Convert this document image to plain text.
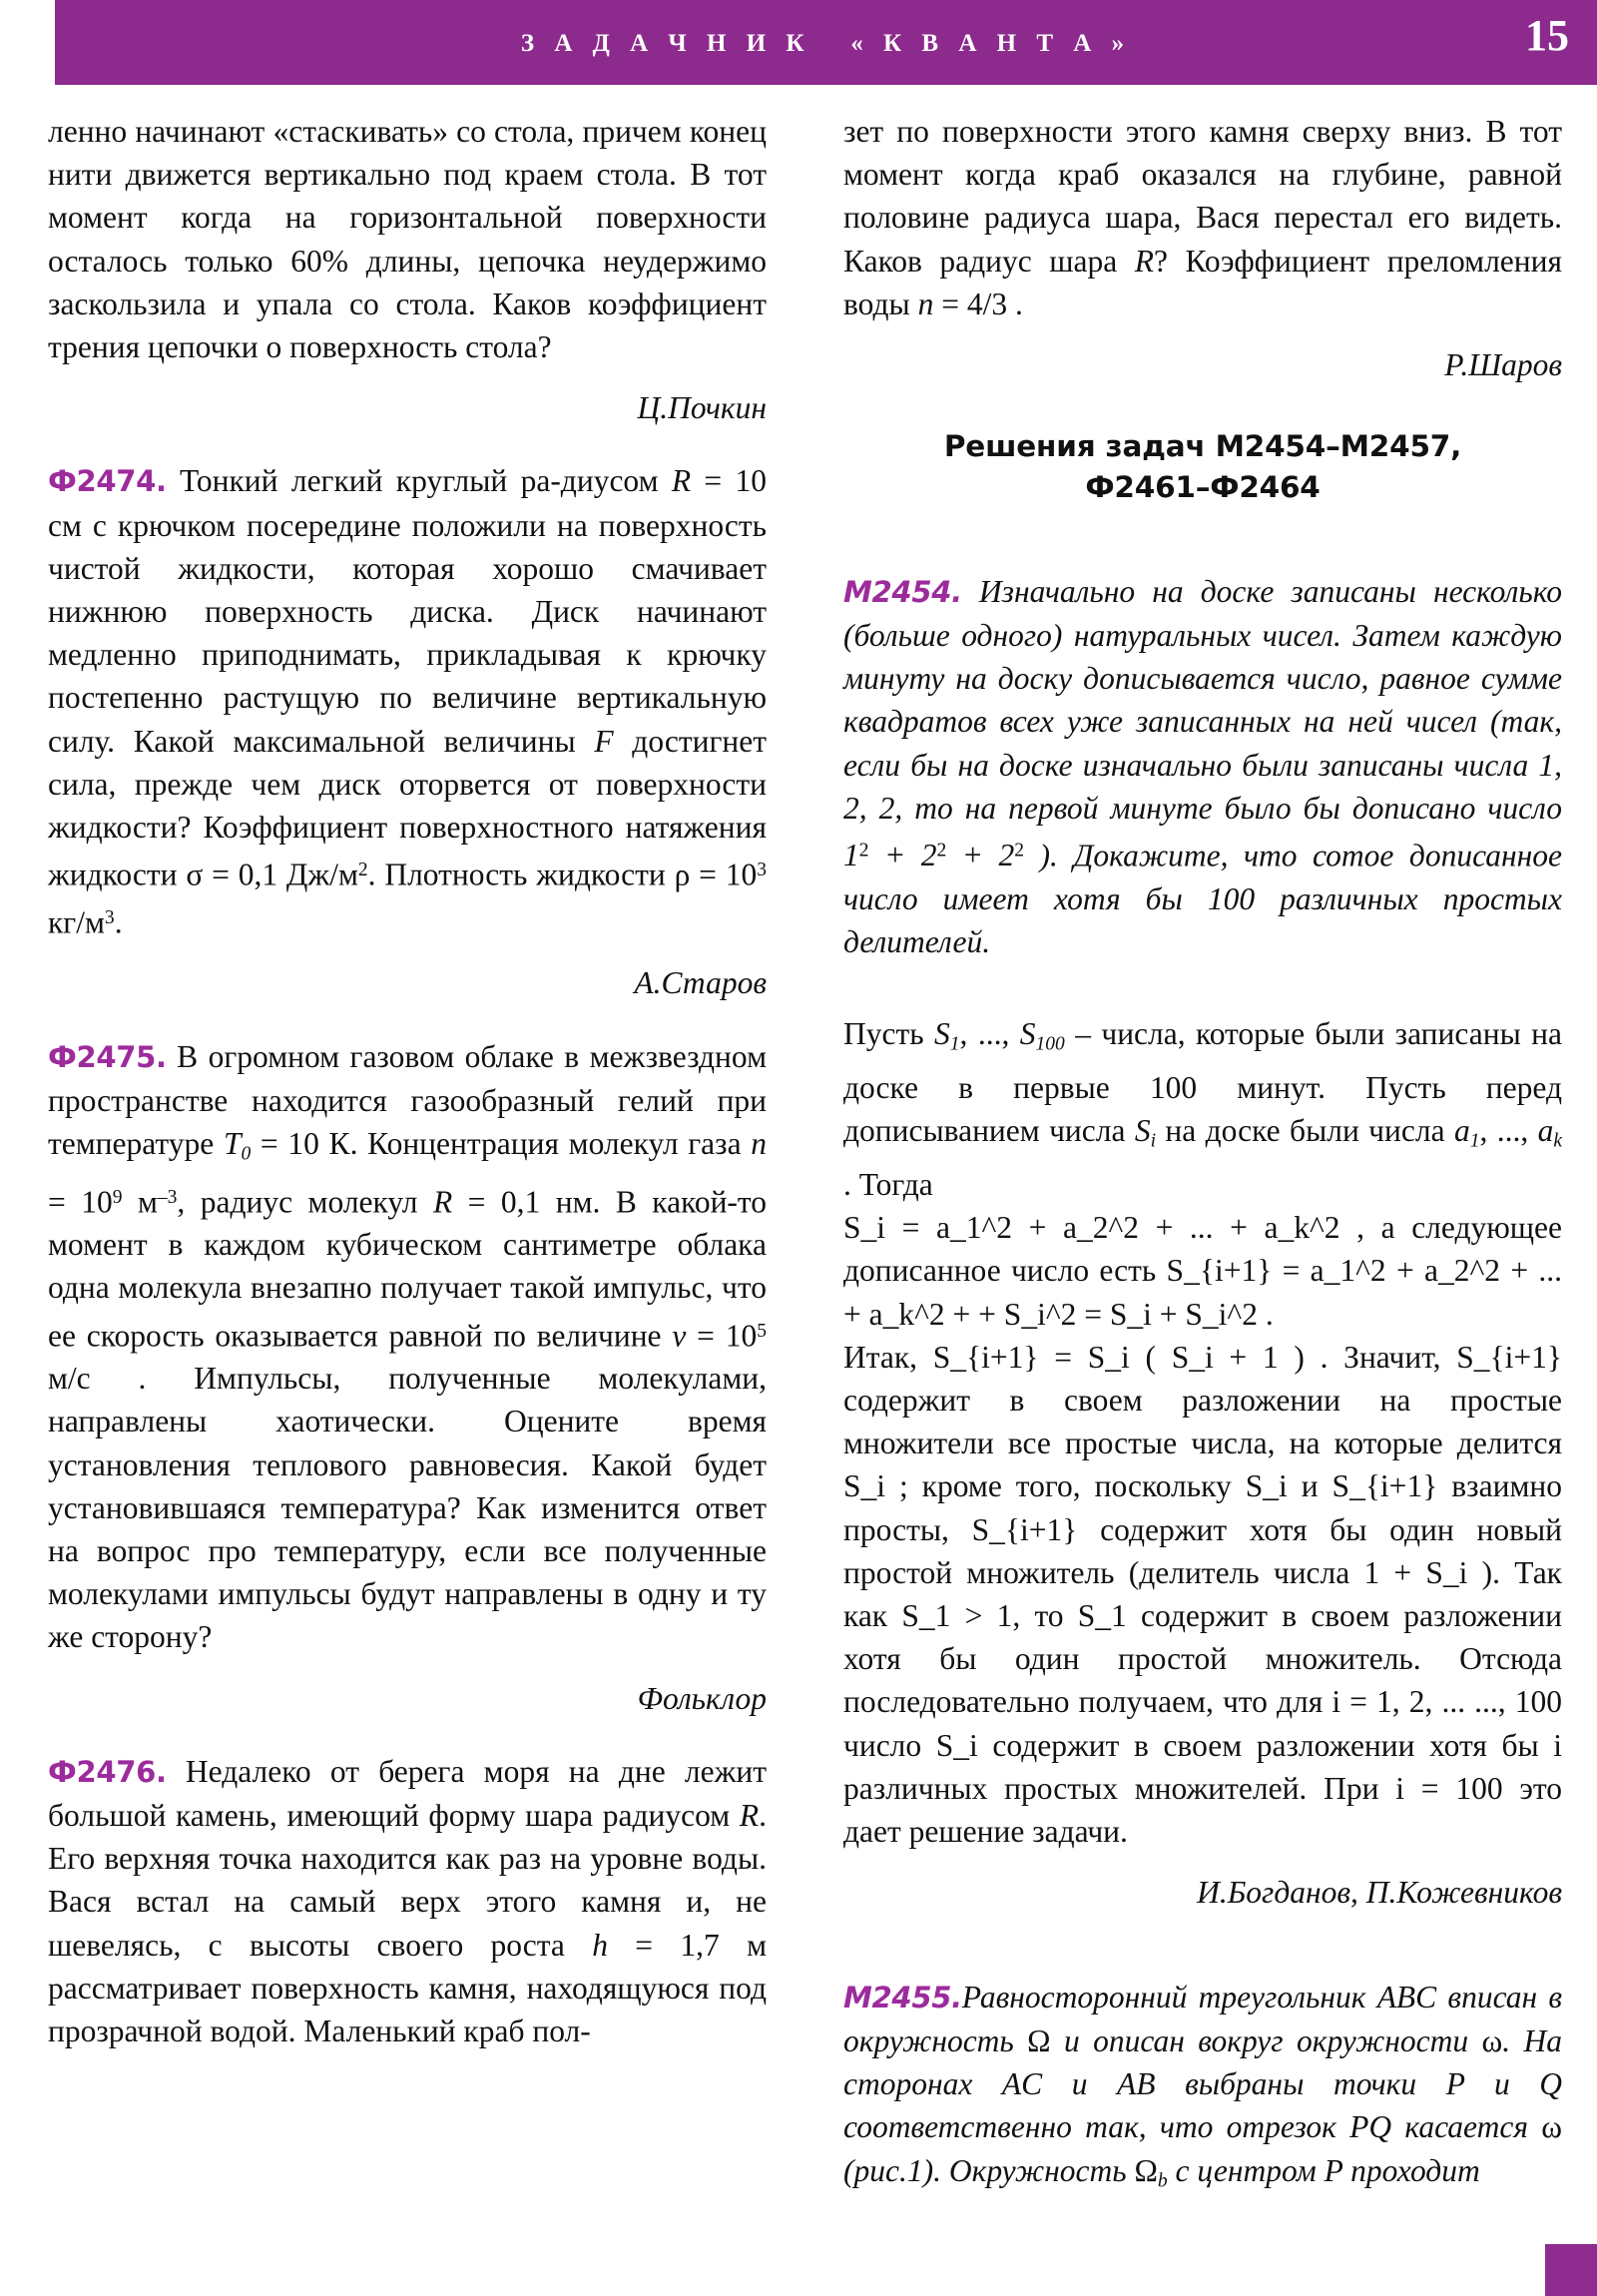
З А Д А Ч Н И К   « К В А Н Т А »	15

ленно начинают «стаскивать» со стола, причем конец нити движется вертикально под краем стола. В тот момент когда на горизонтальной поверхности осталось только 60% длины, цепочка неудержимо заскользила и упала со стола. Каков коэффициент трения цепочки о поверхность стола?

Ц.Почкин

Ф2474. Тонкий легкий круглый ра-диусом R = 10 см с крючком посередине положили на поверхность чистой жидкости, которая хорошо смачивает нижнюю поверхность диска. Диск начинают медленно приподнимать, прикладывая к крючку постепенно растущую по величине вертикальную силу. Какой максимальной величины F достигнет сила, прежде чем диск оторвется от поверхности жидкости? Коэффициент поверхностного натяжения жидкости σ = 0,1 $Дж/м^2$. Плотность жидкости $\rho = 10^3$ $кг/м^3$.

А.Старов

Ф2475. В огромном газовом облаке в межзвездном пространстве находится газообразный гелий при температуре $T_0 = 10$ К. Концентрация молекул газа $n = 10^9$ $м^{-3}$, радиус молекул R = 0,1 нм. В какой-то момент в каждом кубическом сантиметре облака одна молекула внезапно получает такой импульс, что ее скорость оказывается равной по величине $v = 10^5$ м/с . Импульсы, полученные молекулами, направлены хаотически. Оцените время установления теплового равновесия. Какой будет установившаяся температура? Как изменится ответ на вопрос про температуру, если все полученные молекулами импульсы будут направлены в одну и ту же сторону?

Фольклор

Ф2476. Недалеко от берега моря на дне лежит большой камень, имеющий форму шара радиусом R. Его верхняя точка находится как раз на уровне воды. Вася встал на самый верх этого камня и, не шевелясь, с высоты своего роста h = 1,7 м рассматривает поверхность камня, находящуюся под прозрачной водой. Маленький краб пол-

зет по поверхности этого камня сверху вниз. В тот момент когда краб оказался на глубине, равной половине радиуса шара, Вася перестал его видеть. Каков радиус шара R? Коэффициент преломления воды n = 4/3 .

Р.Шаров
Решения задач М2454–М2457,
Ф2461–Ф2464

М2454. Изначально на доске записаны несколько (больше одного) натуральных чисел. Затем каждую минуту на доску дописывается число, равное сумме квадратов всех уже записанных на ней чисел (так, если бы на доске изначально были записаны числа 1, 2, 2, то на первой минуте было бы дописано число $1^2 + 2^2 + 2^2$ ). Докажите, что сотое дописанное число имеет хотя бы 100 различных простых делителей.

Пусть $S_1$, ..., $S_{100}$ – числа, которые были записаны на доске в первые 100 минут. Пусть перед дописыванием числа $S_i$ на доске были числа $a_1$, ..., $a_k$ . Тогда

S_i = a_1^2 + a_2^2 + ... + a_k^2 , а следующее дописанное число есть S_{i+1} = a_1^2 + a_2^2 + ... + a_k^2 + + S_i^2 = S_i + S_i^2 .

Итак, S_{i+1} = S_i ( S_i + 1 ) . Значит, S_{i+1} содержит в своем разложении на простые множители все простые числа, на которые делится S_i ; кроме того, поскольку S_i и S_{i+1} взаимно просты, S_{i+1} содержит хотя бы один новый простой множитель (делитель числа 1 + S_i ). Так как S_1 > 1, то S_1 содержит в своем разложении хотя бы один простой множитель. Отсюда последовательно получаем, что для i = 1, 2, ... ..., 100 число S_i содержит в своем разложении хотя бы i различных простых множителей. При i = 100 это дает решение задачи.

И.Богданов, П.Кожевников

М2455.Равносторонний треугольник ABC вписан в окружность Ω и описан вокруг окружности ω. На сторонах AC и AB выбраны точки P и Q соответственно так, что отрезок PQ касается ω (рис.1). Окружность $\Omega_b$ с центром P проходит
